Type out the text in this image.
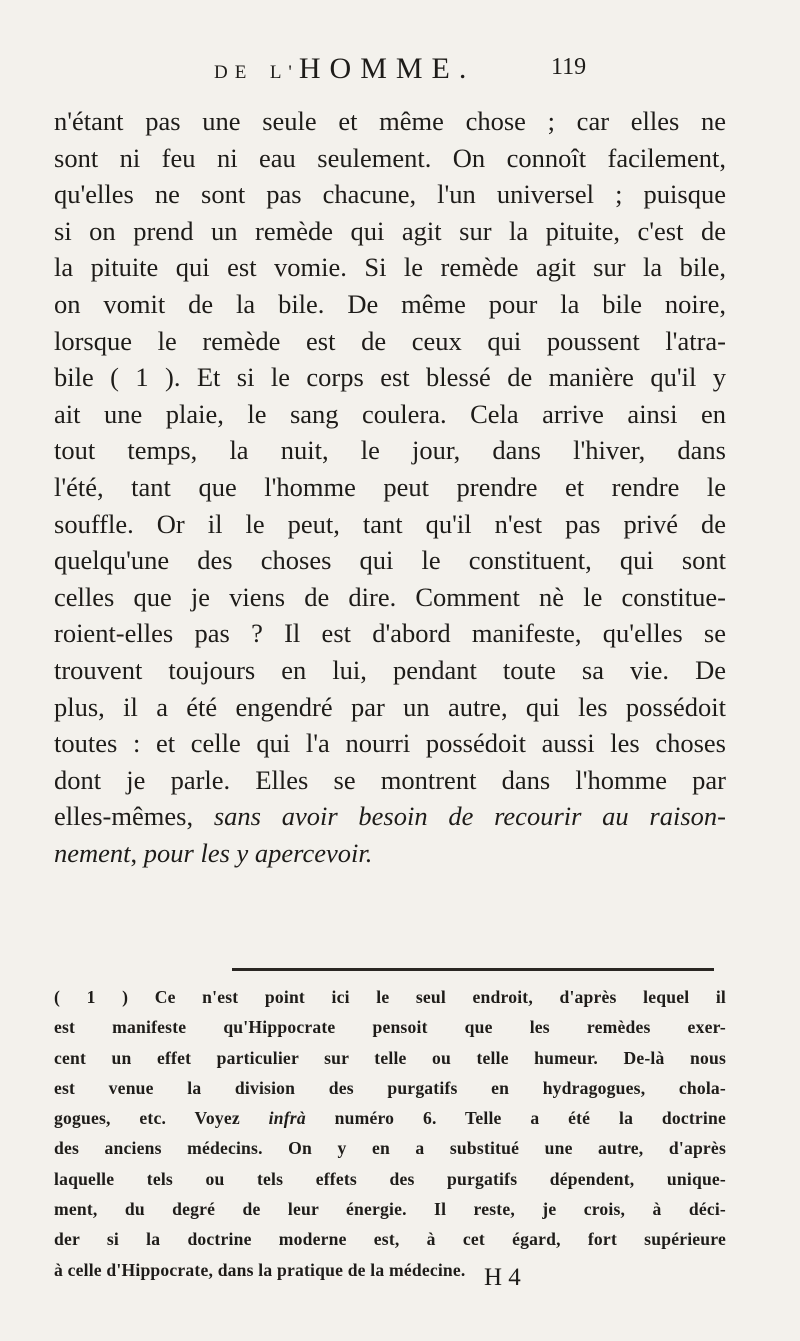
DE L'HOMME.	119
n'étant pas une seule et même chose ; car elles ne
sont ni feu ni eau seulement. On connoît facilement,
qu'elles ne sont pas chacune, l'un universel ; puisque
si on prend un remède qui agit sur la pituite, c'est de
la pituite qui est vomie. Si le remède agit sur la bile,
on vomit de la bile. De même pour la bile noire,
lorsque le remède est de ceux qui poussent l'atra-
bile ( 1 ). Et si le corps est blessé de manière qu'il y
ait une plaie, le sang coulera. Cela arrive ainsi en
tout temps, la nuit, le jour, dans l'hiver, dans
l'été, tant que l'homme peut prendre et rendre le
souffle. Or il le peut, tant qu'il n'est pas privé de
quelqu'une des choses qui le constituent, qui sont
celles que je viens de dire. Comment nè le constitue-
roient-elles pas ? Il est d'abord manifeste, qu'elles se
trouvent toujours en lui, pendant toute sa vie. De
plus, il a été engendré par un autre, qui les possédoit
toutes : et celle qui l'a nourri possédoit aussi les choses
dont je parle. Elles se montrent dans l'homme par
elles-mêmes, sans avoir besoin de recourir au raison-
nement, pour les y apercevoir.
( 1 ) Ce n'est point ici le seul endroit, d'après lequel il
est manifeste qu'Hippocrate pensoit que les remèdes exer-
cent un effet particulier sur telle ou telle humeur. De-là nous
est venue la division des purgatifs en hydragogues, chola-
gogues, etc. Voyez infrà numéro 6. Telle a été la doctrine
des anciens médecins. On y en a substitué une autre, d'après
laquelle tels ou tels effets des purgatifs dépendent, unique-
ment, du degré de leur énergie. Il reste, je crois, à déci-
der si la doctrine moderne est, à cet égard, fort supérieure
à celle d'Hippocrate, dans la pratique de la médecine. H 4
